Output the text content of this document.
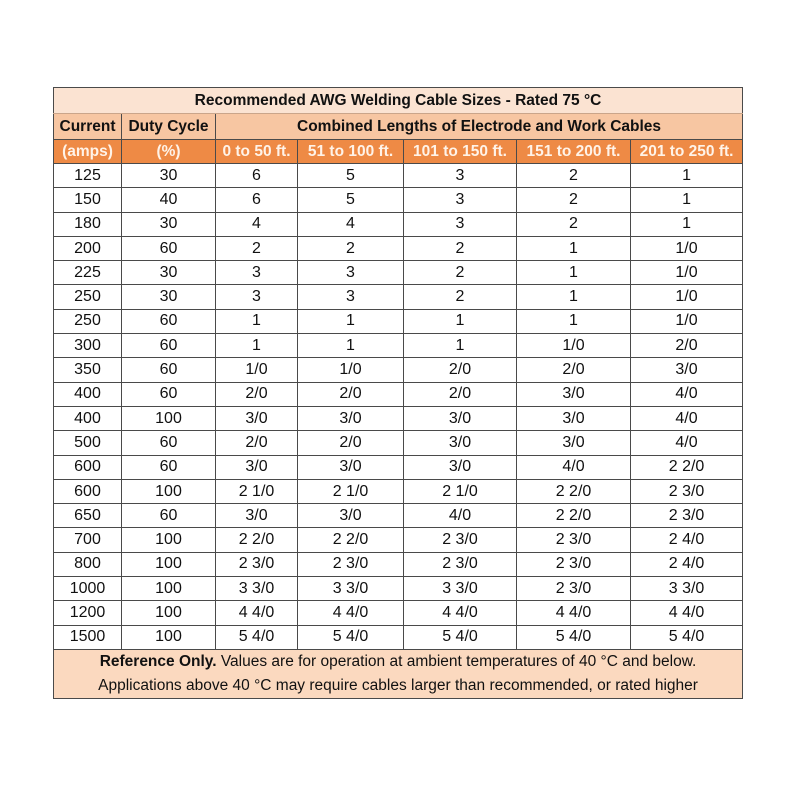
Recommended AWG Welding Cable Sizes - Rated 75 °C						
Current	Duty Cycle	Combined Lengths of Electrode and Work Cables				
(amps)	(%)	0 to 50 ft.	51 to 100 ft.	101 to 150 ft.	151 to 200 ft.	201 to 250 ft.
125	30	6	5	3	2	1
150	40	6	5	3	2	1
180	30	4	4	3	2	1
200	60	2	2	2	1	1/0
225	30	3	3	2	1	1/0
250	30	3	3	2	1	1/0
250	60	1	1	1	1	1/0
300	60	1	1	1	1/0	2/0
350	60	1/0	1/0	2/0	2/0	3/0
400	60	2/0	2/0	2/0	3/0	4/0
400	100	3/0	3/0	3/0	3/0	4/0
500	60	2/0	2/0	3/0	3/0	4/0
600	60	3/0	3/0	3/0	4/0	2 2/0
600	100	2 1/0	2 1/0	2 1/0	2 2/0	2 3/0
650	60	3/0	3/0	4/0	2 2/0	2 3/0
700	100	2 2/0	2 2/0	2 3/0	2 3/0	2 4/0
800	100	2 3/0	2 3/0	2 3/0	2 3/0	2 4/0
1000	100	3 3/0	3 3/0	3 3/0	2 3/0	3 3/0
1200	100	4 4/0	4 4/0	4 4/0	4 4/0	4 4/0
1500	100	5 4/0	5 4/0	5 4/0	5 4/0	5 4/0
Reference Only. Values are for operation at ambient temperatures of 40 °C and below.
Applications above 40 °C may require cables larger than recommended, or rated higher						
